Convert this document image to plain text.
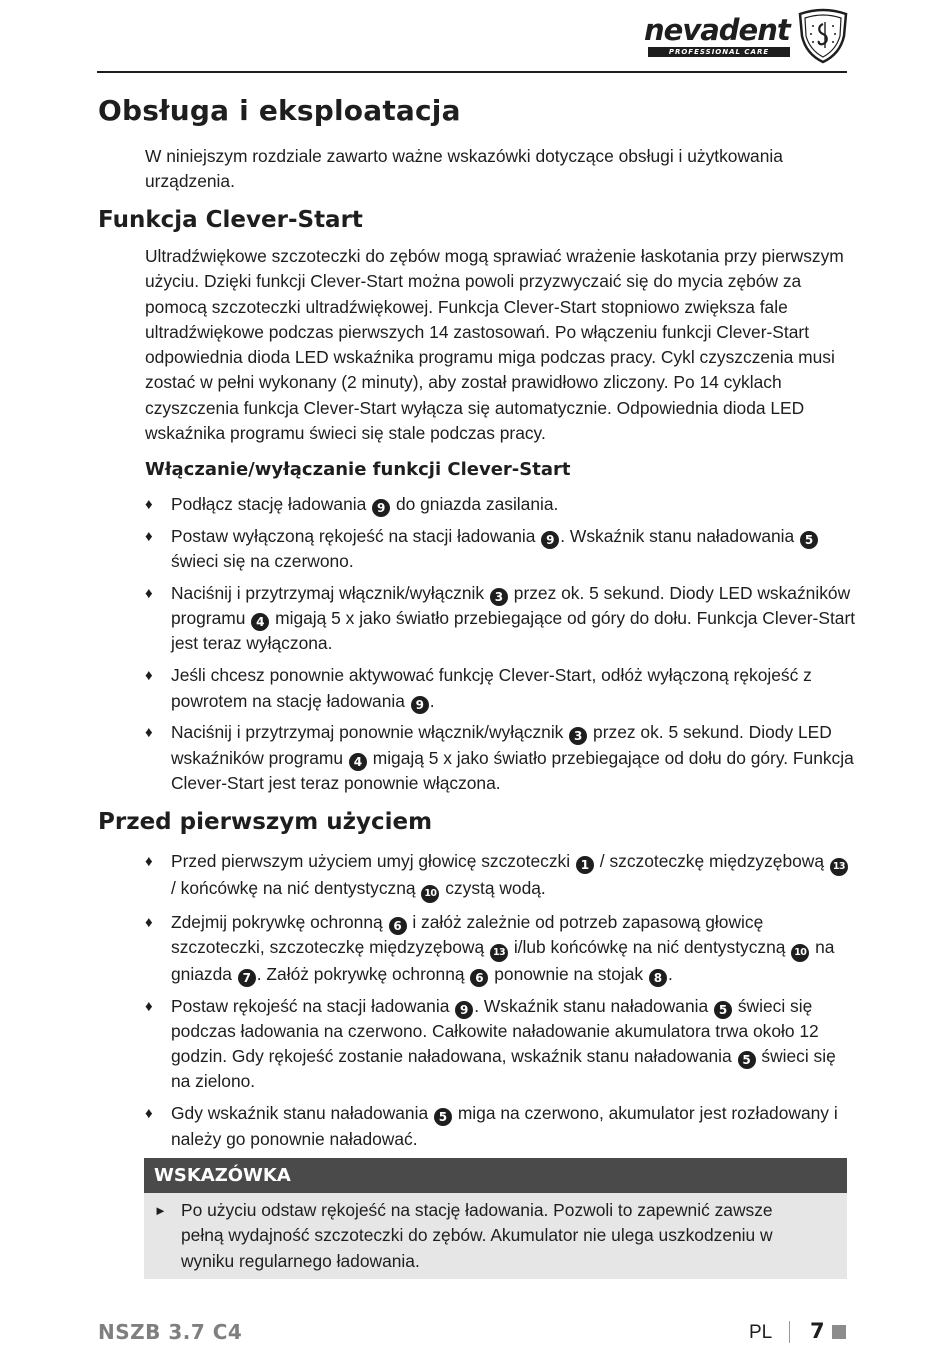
nevadent
PROFESSIONAL CARE
Obsługa i eksploatacja

W niniejszym rozdziale zawarto ważne wskazówki dotyczące obsługi i użytkowania urządzenia.

Funkcja Clever-Start

Ultradźwiękowe szczoteczki do zębów mogą sprawiać wrażenie łaskotania przy pierwszym użyciu. Dzięki funkcji Clever-Start można powoli przyzwyczaić się do mycia zębów za pomocą szczoteczki ultradźwiękowej. Funkcja Clever-Start stopniowo zwiększa fale ultradźwiękowe podczas pierwszych 14 zastosowań. Po włączeniu funkcji Clever-Start odpowiednia dioda LED wskaźnika programu miga podczas pracy. Cykl czyszczenia musi zostać w pełni wykonany (2 minuty), aby został prawidłowo zliczony. Po 14 cyklach czyszczenia funkcja Clever-Start wyłącza się automatycznie. Odpowiednia dioda LED wskaźnika programu świeci się stale podczas pracy.

Włączanie/wyłączanie funkcji Clever-Start
♦ Podłącz stację ładowania 9 do gniazda zasilania.
♦ Postaw wyłączoną rękojeść na stacji ładowania 9 . Wskaźnik stanu naładowania 5 świeci się na czerwono.
♦ Naciśnij i przytrzymaj włącznik/wyłącznik 3 przez ok. 5 sekund. Diody LED wskaźników programu 4 migają 5 x jako światło przebiegające od góry do dołu. Funkcja Clever-Start jest teraz wyłączona.
♦ Jeśli chcesz ponownie aktywować funkcję Clever-Start, odłóż wyłączoną rękojeść z powrotem na stację ładowania 9 .
♦ Naciśnij i przytrzymaj ponownie włącznik/wyłącznik 3 przez ok. 5 sekund. Diody LED wskaźników programu 4 migają 5 x jako światło przebiegające od dołu do góry. Funkcja Clever-Start jest teraz ponownie włączona.
Przed pierwszym użyciem
♦ Przed pierwszym użyciem umyj głowicę szczoteczki 1 / szczoteczkę międzyzębową 13 / końcówkę na nić dentystyczną 10 czystą wodą.
♦ Zdejmij pokrywkę ochronną 6 i załóż zależnie od potrzeb zapasową głowicę szczoteczki, szczoteczkę międzyzębową 13 i/lub końcówkę na nić dentystyczną 10 na gniazda 7 . Załóż pokrywkę ochronną 6 ponownie na stojak 8 .
♦ Postaw rękojeść na stacji ładowania 9 . Wskaźnik stanu naładowania 5 świeci się podczas ładowania na czerwono. Całkowite naładowanie akumulatora trwa około 12 godzin. Gdy rękojeść zostanie naładowana, wskaźnik stanu naładowania 5 świeci się na zielono.
♦ Gdy wskaźnik stanu naładowania 5 miga na czerwono, akumulator jest rozładowany i należy go ponownie naładować.
WSKAZÓWKA
► Po użyciu odstaw rękojeść na stację ładowania. Pozwoli to zapewnić zawsze pełną wydajność szczoteczki do zębów. Akumulator nie ulega uszkodzeniu w wyniku regularnego ładowania.
NSZB 3.7 C4	PL 7
